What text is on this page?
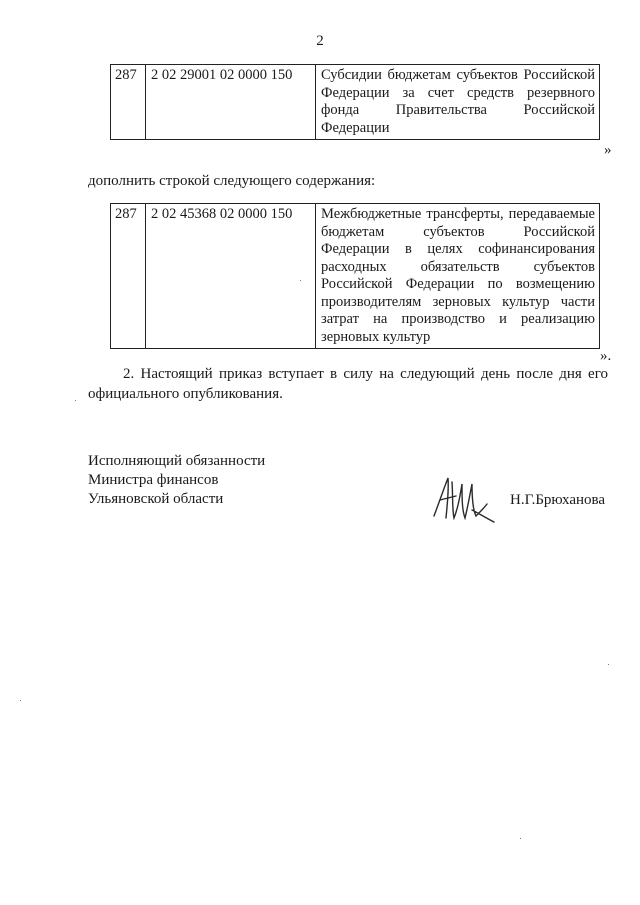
2
287	2 02 29001 02 0000 150	Субсидии бюджетам субъектов Российской Федерации за счет средств резервного фонда Правительства Российской Федерации
»
дополнить строкой следующего содержания:
287	2 02 45368 02 0000 150	Межбюджетные трансферты, передаваемые бюджетам субъектов Российской Федерации в целях софинансирования расходных обязательств субъектов Российской Федерации по возмещению производителям зерновых культур части затрат на производство и реализацию зерновых культур
».
2. Настоящий приказ вступает в силу на следующий день после дня его официального опубликования.
Исполняющий обязанности
Министра финансов
Ульяновской области	Н.Г.Брюханова
